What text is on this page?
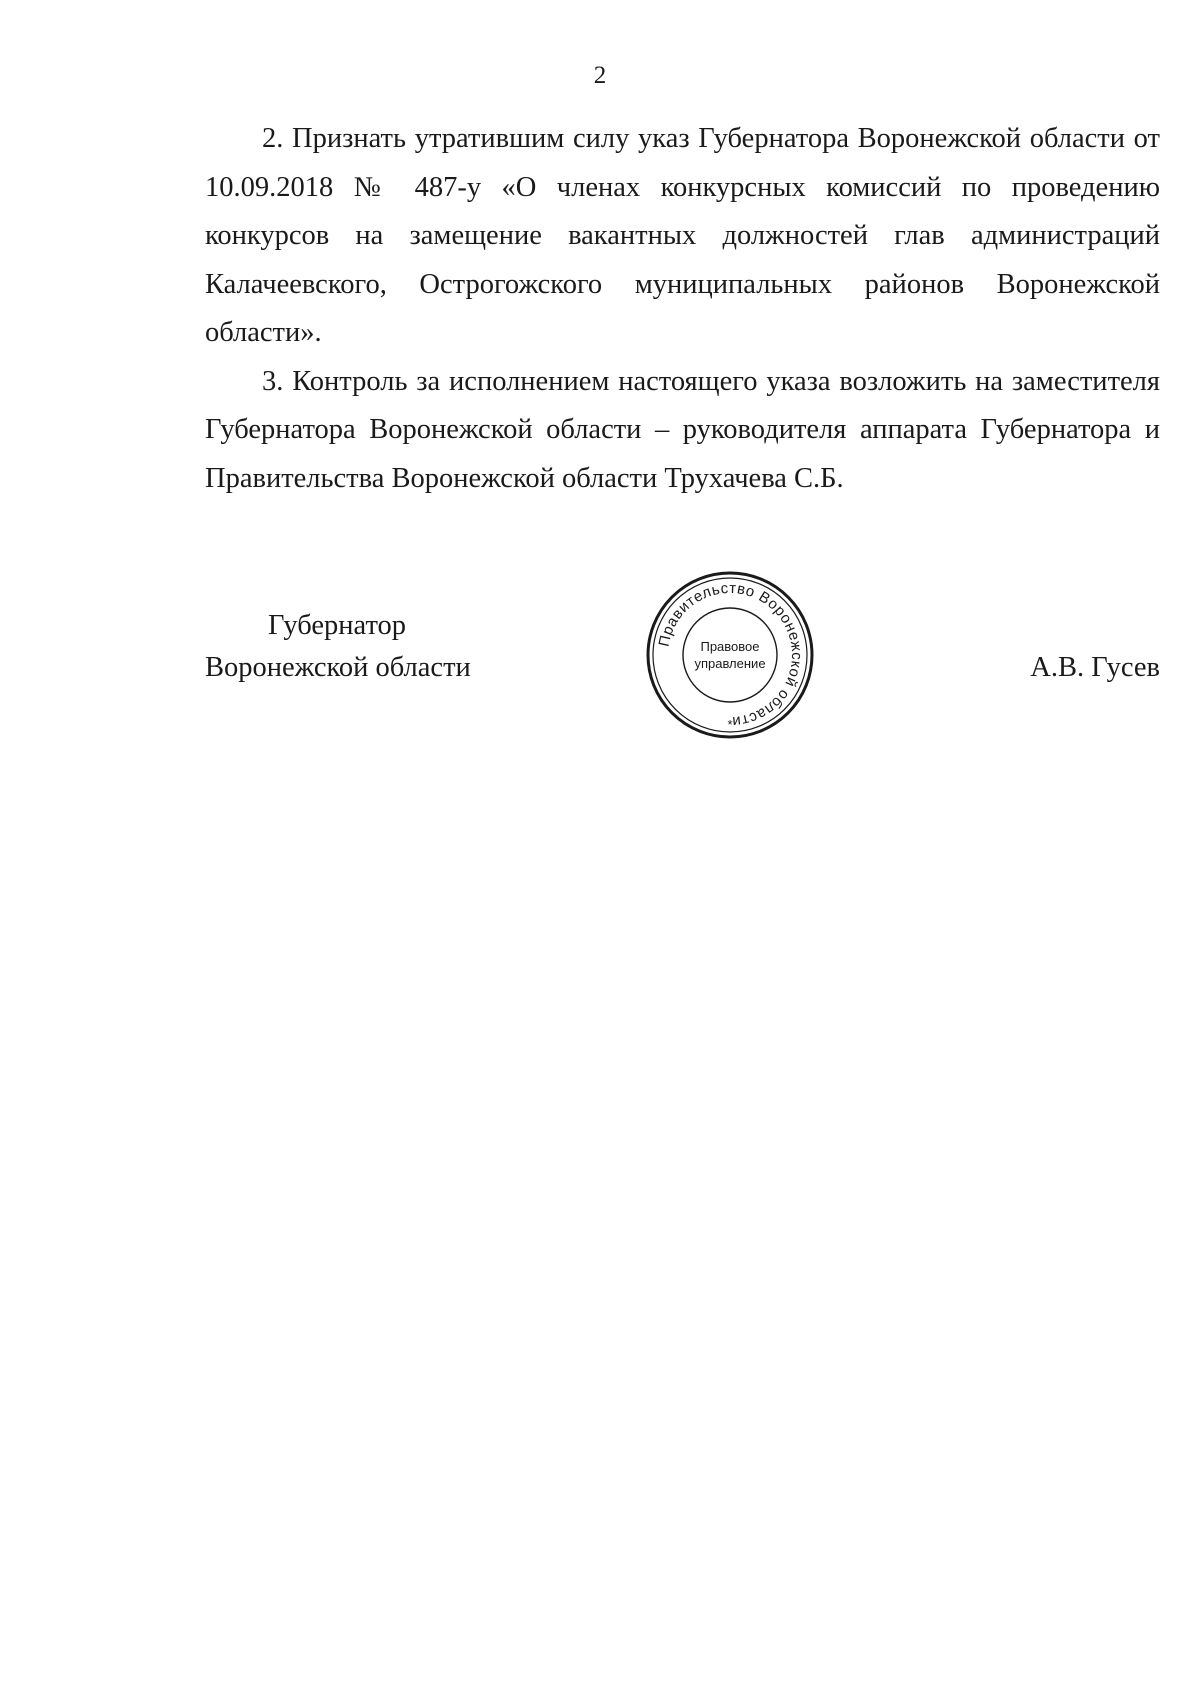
2

2. Признать утратившим силу указ Губернатора Воронежской области от 10.09.2018 № 487-у «О членах конкурсных комиссий по проведению конкурсов на замещение вакантных должностей глав администраций Калачеевского, Острогожского муниципальных районов Воронежской области».

3. Контроль за исполнением настоящего указа возложить на заместителя Губернатора Воронежской области – руководителя аппарата Губернатора и Правительства Воронежской области Трухачева С.Б.

Губернатор
Воронежской области
Правительство Воронежской области
Правовое
управление
*
А.В. Гусев
